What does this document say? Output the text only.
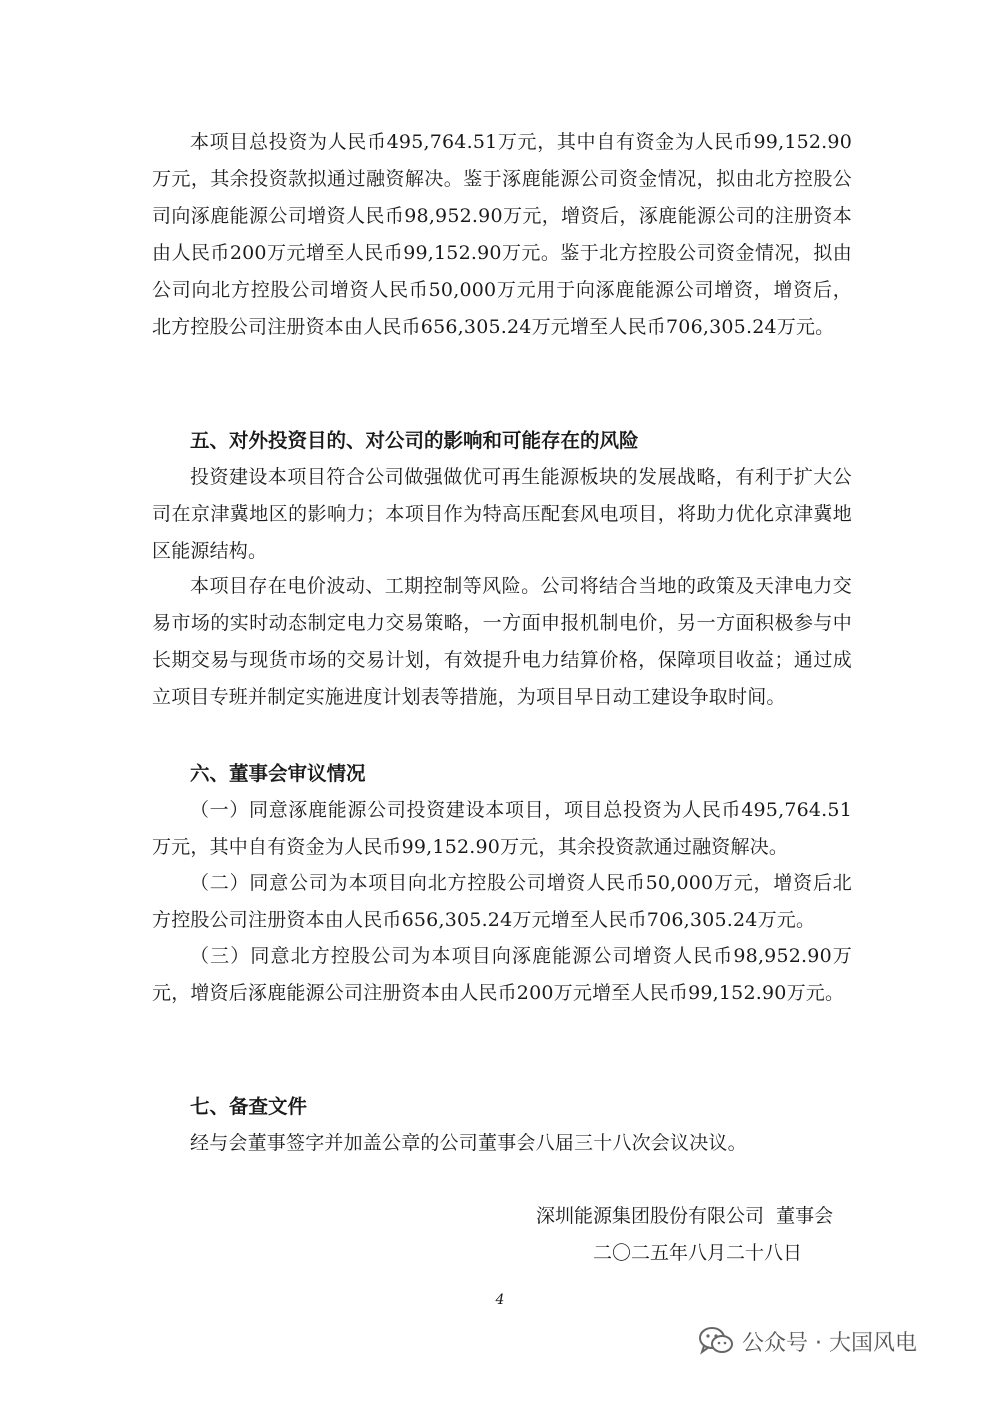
本项目总投资为人民币495,764.51万元，其中自有资金为人民币99,152.90万元，其余投资款拟通过融资解决。鉴于涿鹿能源公司资金情况，拟由北方控股公司向涿鹿能源公司增资人民币98,952.90万元，增资后，涿鹿能源公司的注册资本由人民币200万元增至人民币99,152.90万元。鉴于北方控股公司资金情况，拟由公司向北方控股公司增资人民币50,000万元用于向涿鹿能源公司增资，增资后，北方控股公司注册资本由人民币656,305.24万元增至人民币706,305.24万元。

五、对外投资目的、对公司的影响和可能存在的风险

投资建设本项目符合公司做强做优可再生能源板块的发展战略，有利于扩大公司在京津冀地区的影响力；本项目作为特高压配套风电项目，将助力优化京津冀地区能源结构。

本项目存在电价波动、工期控制等风险。公司将结合当地的政策及天津电力交易市场的实时动态制定电力交易策略，一方面申报机制电价，另一方面积极参与中长期交易与现货市场的交易计划，有效提升电力结算价格，保障项目收益；通过成立项目专班并制定实施进度计划表等措施，为项目早日动工建设争取时间。

六、董事会审议情况

（一）同意涿鹿能源公司投资建设本项目，项目总投资为人民币495,764.51万元，其中自有资金为人民币99,152.90万元，其余投资款通过融资解决。

（二）同意公司为本项目向北方控股公司增资人民币50,000万元，增资后北方控股公司注册资本由人民币656,305.24万元增至人民币706,305.24万元。

（三）同意北方控股公司为本项目向涿鹿能源公司增资人民币98,952.90万元，增资后涿鹿能源公司注册资本由人民币200万元增至人民币99,152.90万元。

七、备查文件

经与会董事签字并加盖公章的公司董事会八届三十八次会议决议。

深圳能源集团股份有限公司  董事会

二〇二五年八月二十八日

4
公众号 · 大国风电
